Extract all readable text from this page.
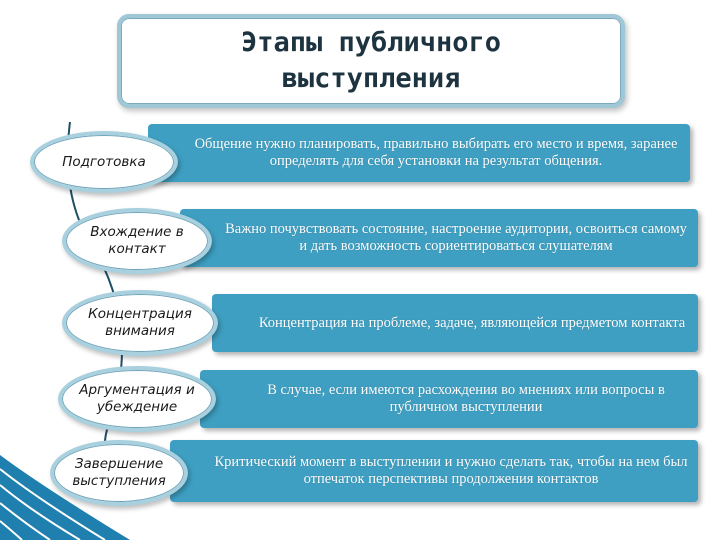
Этапы публичного выступления
Общение нужно планировать, правильно выбирать его место и время, заранее определять для себя установки на результат общения.
Важно почувствовать состояние, настроение аудитории, освоиться самому и дать возможность сориентироваться слушателям
Концентрация на проблеме, задаче, являющейся предметом контакта
В случае, если имеются расхождения во мнениях или вопросы в публичном выступлении
Критический момент в выступлении и нужно сделать так, чтобы на нем был отпечаток перспективы продолжения контактов
Подготовка
Вхождение в контакт
Концентрация внимания
Аргументация и убеждение
Завершение выступления
